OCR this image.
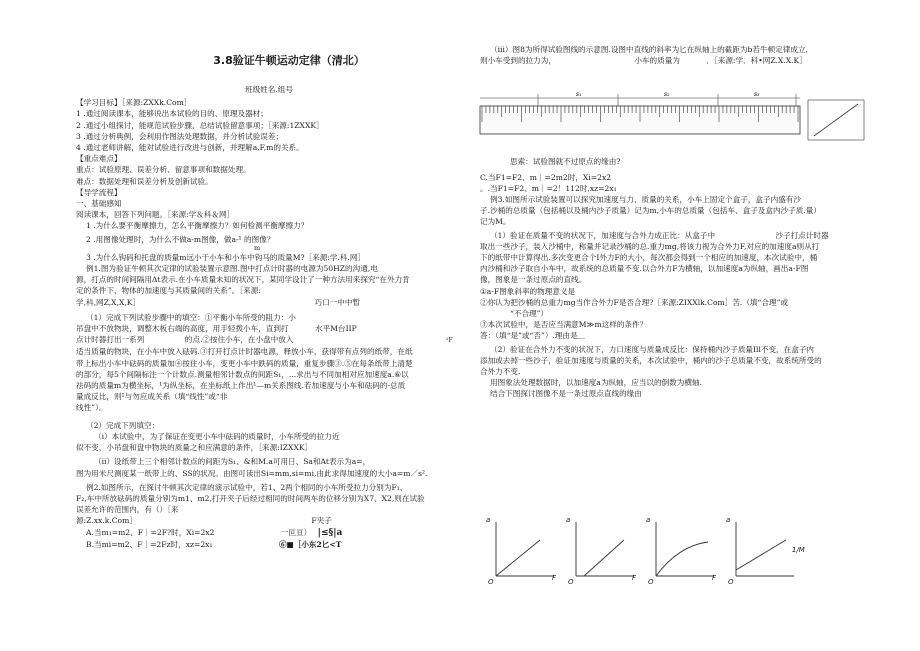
3.8验证牛顿运动定律（清北）
班级姓名.组号
【学习目标】［来源:ZXXk.Com］
1 .通过阅读课本，能够说出本试验的目的、原理及器材；
2 .通过小组探讨，能规范试验步骤，总结试验留意事项；［来源:1ZXXK］
3 .通过分析典例，会利用作图法处理数据，并分析试验误差；
4 .通过老师讲解，能对试验进行改进与创新，并理解a,F,m的关系。
【重点难点】
重点：试验原理、误差分析、留意事项和数据处理。
难点：数据处理和误差分析及创新试验。
【导学流程】
一、基础感知
阅读课本，回答下列问题。［来源:学＆科＆网］
1 .为什么要平衡摩擦力，怎么平衡摩擦力？如何检测平衡摩擦力？
2 .用图像处理时，为什么不做a-m图像，做a-¹ 的图像？
m
3 .为什么钩码和托盘的质量m远小于小车和小车中钩马的质量M?［来源:学.科.网］
例1.图为验证牛顿其次定律的试验装置示意图.图中打点计时器的电源为50HZ的沟通,电
源，打点的时间间隔用Δt表示.在小车质量未知的状况下，某同学设计了一种方法用来探究“在外力肯
定的条件下，物体的加速度与其质量间的关系”。［来源:
学,科,网Z,X,X,K］	巧口一中中暂
（1）完成下列试验步骤中的填空：①平衡小车所受的阻力：小
吊盘中不放物块，调整木板右端的高度，用手轻拨小车，直到打	水平M台IIP
点计时器打出一系列	的点.②按住小车，在小盘中放入	¹F
适当质量的物块，在小车中放入砝码.③打开打点计时器电源，释放小车，获得带有点列的纸带，在纸
带上标出小车中砝码的质量加④按住小车，变更小车中跌码的质量，重复步骤③.⑤在每条纸带上清楚
的部分，每5个间隔标注一个计数点.测量相邻计数点的间距S₁，...求出与不同加相对应加速度a.⑥以
祛码的质量m为横坐标，¹为纵坐标，在坐标纸上作出¹—m关系图线.若加速度与小车和砝码的-总质
量成反比，则¹与勿应成关系（填“线性”或“非
线性”）。
（2）完成下列填空：
（i）本试验中，为了保证在变更小车中砝码的质量时，小车所受的拉力近
似不变，小吊盘和盘中物块的质量之和应满意的条件，［来源:IZXXK］
（ii）设纸带上三个相邻计数点的间距为S₁、&和M.a可用日、Sa和At表示为a=，
图为用米尺测度某一纸带上的、SS的状况。由图可读出Si=mm,si=mi,由此求得加速度的大小a=m／s².
例2.如图所示，在探讨牛顿其次定律的演示试验中，若1、2两个相同的小车所受拉力分别为F₁、
F₂,车中所放砝码的质量分别为m1、m2,打开夹子后经过相同的时间两车的位移分别为X7、X2,则在试验
误差允许的范围内，有（）［来
源:Z.xx.k.Com］	F夹子
A.当m₁=m2、F｜=2F?时，Xi=2x2	一叵亘） |≤§|a
B.当mi=m2、F｜=2Fz时，xz=2x₁	⑥■［小东2匕<T
（iii）图8为所得试验图线的示意图.设图中直线的斜率为匕在纵轴上的截距为b若牛顿定律成立,
则小车受到的拉力为，	小车的质量为	．［来源:学．科•网Z.X.X.K］
思索：试验图就不过原点的缘由?
C.当F1=F2、m｜=2m2时，Xi=2x2
。.当F1=F2、m｜=2！112时,xz=2x₁
例3.如图所示试验装置可以探究加速度与力、质量的关系，小车上固定个盒子，盒子内盛有沙
子.沙桶的总质量（包括桶以及桶内沙子质量）记为m,小车的总质量（包括车、盒子及盒内沙子质.量）
记为M。
（1）验证在质量不变的状况下，加速度与合外力成正比：从盒子中	沙子打点计时器
取出一些沙子，装入沙桶中，称量并记录沙桶的总.重力mg,将该力视为合外力F,对应的加速度a则从打
下的纸带中计算得出.多次变更合个I外力F的大小，每次都会得到一个相应的加速度，本次试验中，桶
内沙桶和沙子取自小车中，故系统的总质量不变.以合外力F为横轴，以加速度a为纵轴，画出a-F图
像，图象是一条过原点的直线。
①a-F图象斜率的物理意义是
②你认为把沙桶的总重力mg当作合外力F是否合理?［来源:ZIXXlk.Com］苦.（填“合理”或
“不合理”）
③本次试验中，是否应当满意M≫m这样的条件？
答：（填“是”或“否”）.理由是＿
（2）验证在合外力不变的状况下，力口速度与质量成反比：保持桶内沙子质量Ill不变，在盒子内
添加或去掉一些沙子，验证加速度与质量的关系，本次试验中，桶内的沙子总质量不变，故系统所受的
合外力不变.
用图象法处理数据时，以加速度a为纵轴，应当以的倒数为横轴.
结合下图探讨图像不是一条过原点直线的缘由
s₁	s₂	s₃
a
F
O
a
F
O
a
F
O
a
1/M
O
